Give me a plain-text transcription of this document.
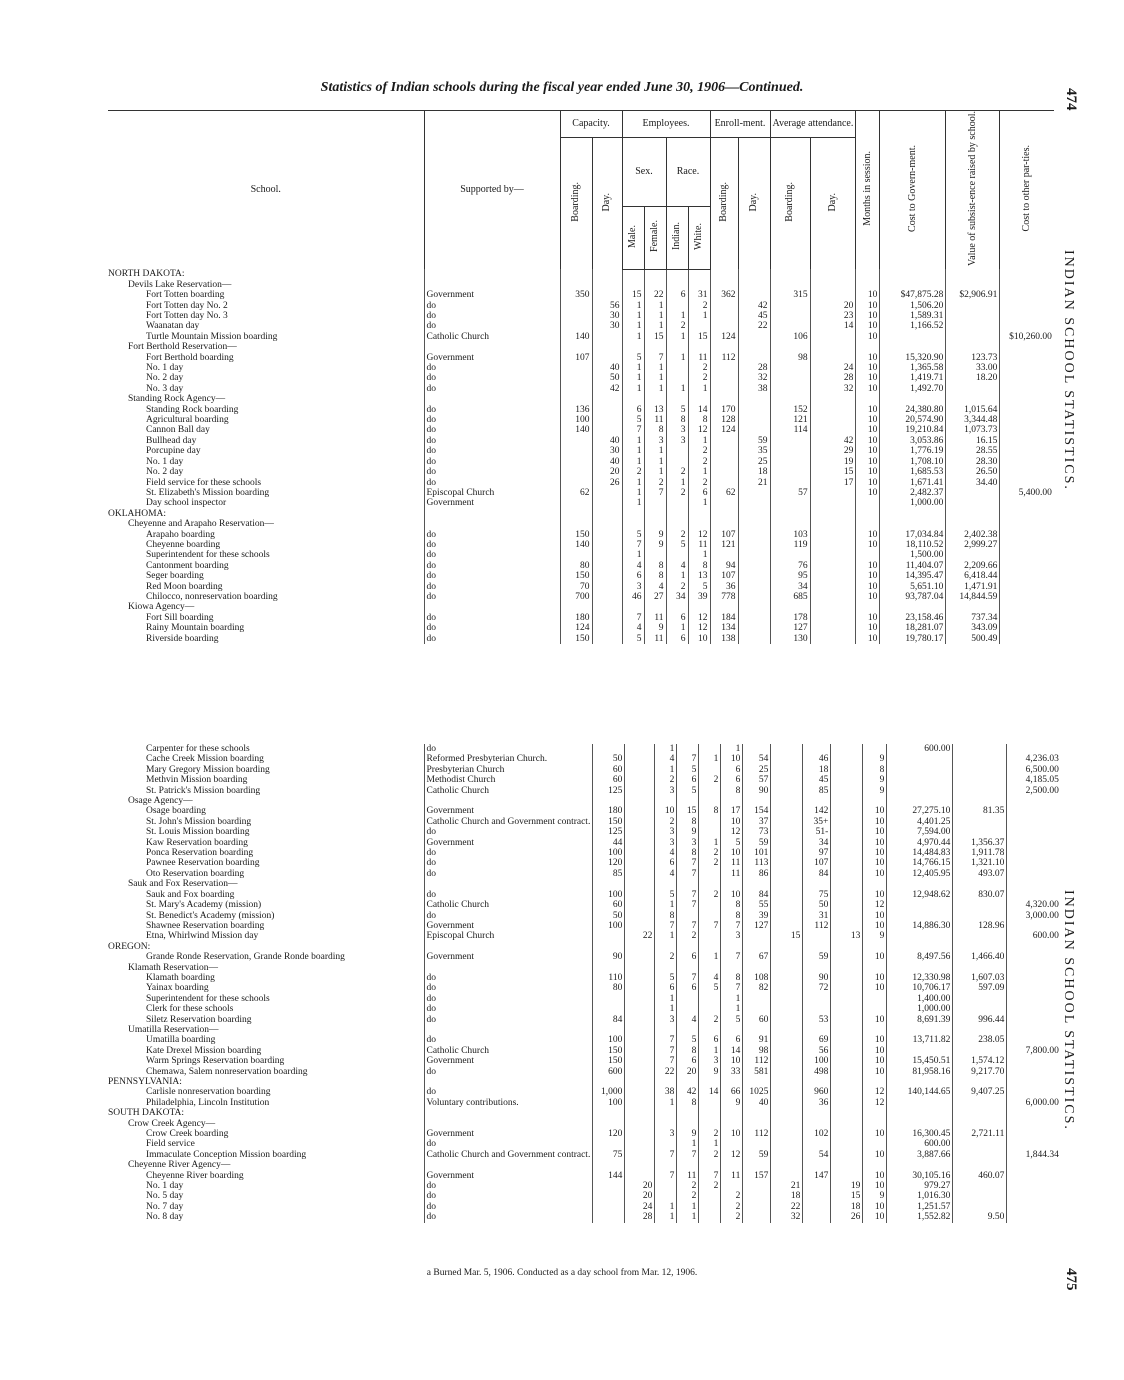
Statistics of Indian schools during the fiscal year ended June 30, 1906—Continued.
474
475
INDIAN SCHOOL STATISTICS.
INDIAN SCHOOL STATISTICS.
School.	Supported by—	Capacity.		Employees.				Enroll-ment.		Average attendance.		Months in session.	Cost to Govern-ment.	Value of subsist-ence raised by school.	Cost to other par-ties.
		Boarding.	Day.	Sex.		Race.		Boarding.	Day.	Boarding.	Day.				
				Male.	Female.	Indian.	White.								
NORTH DAKOTA:															
Devils Lake Reservation—															
Fort Totten boarding	Government	350		15	22	6	31	362		315		10	$47,875.28	$2,906.91	
Fort Totten day No. 2	do		56	1	1		2		42		20	10	1,506.20		
Fort Totten day No. 3	do		30	1	1	1	1		45		23	10	1,589.31		
Waanatan day	do		30	1	1	2			22		14	10	1,166.52		
Turtle Mountain Mission boarding	Catholic Church	140		1	15	1	15	124		106		10			$10,260.00
Fort Berthold Reservation—															
Fort Berthold boarding	Government	107		5	7	1	11	112		98		10	15,320.90	123.73	
No. 1 day	do		40	1	1		2		28		24	10	1,365.58	33.00	
No. 2 day	do		50	1	1		2		32		28	10	1,419.71	18.20	
No. 3 day	do		42	1	1	1	1		38		32	10	1,492.70		
Standing Rock Agency—															
Standing Rock boarding	do	136		6	13	5	14	170		152		10	24,380.80	1,015.64	
Agricultural boarding	do	100		5	11	8	8	128		121		10	20,574.90	3,344.48	
Cannon Ball day	do	140		7	8	3	12	124		114		10	19,210.84	1,073.73	
Bullhead day	do		40	1	3	3	1		59		42	10	3,053.86	16.15	
Porcupine day	do		30	1	1		2		35		29	10	1,776.19	28.55	
No. 1 day	do		40	1	1		2		25		19	10	1,708.10	28.30	
No. 2 day	do		20	2	1	2	1		18		15	10	1,685.53	26.50	
Field service for these schools	do		26	1	2	1	2		21		17	10	1,671.41	34.40	
St. Elizabeth's Mission boarding	Episcopal Church	62		1	7	2	6	62		57		10	2,482.37		5,400.00
Day school inspector	Government			1			1						1,000.00		
OKLAHOMA:															
Cheyenne and Arapaho Reservation—															
Arapaho boarding	do	150		5	9	2	12	107		103		10	17,034.84	2,402.38	
Cheyenne boarding	do	140		7	9	5	11	121		119		10	18,110.52	2,999.27	
Superintendent for these schools	do			1			1						1,500.00		
Cantonment boarding	do	80		4	8	4	8	94		76		10	11,404.07	2,209.66	
Seger boarding	do	150		6	8	1	13	107		95		10	14,395.47	6,418.44	
Red Moon boarding	do	70		3	4	2	5	36		34		10	5,651.10	1,471.91	
Chilocco, nonreservation boarding	do	700		46	27	34	39	778		685		10	93,787.04	14,844.59	
Kiowa Agency—															
Fort Sill boarding	do	180		7	11	6	12	184		178		10	23,158.46	737.34	
Rainy Mountain boarding	do	124		4	9	1	12	134		127		10	18,281.07	343.09	
Riverside boarding	do	150		5	11	6	10	138		130		10	19,780.17	500.49	
Carpenter for these schools	do			1			1						600.00		
Cache Creek Mission boarding	Reformed Presbyterian Church.	50		4	7	1	10	54		46		9			4,236.03
Mary Gregory Mission boarding	Presbyterian Church	60		1	5		6	25		18		8			6,500.00
Methvin Mission boarding	Methodist Church	60		2	6	2	6	57		45		9			4,185.05
St. Patrick's Mission boarding	Catholic Church	125		3	5		8	90		85		9			2,500.00
Osage Agency—															
Osage boarding	Government	180		10	15	8	17	154		142		10	27,275.10	81.35	
St. John's Mission boarding	Catholic Church and Government contract.	150		2	8		10	37		35+		10	4,401.25		
St. Louis Mission boarding	do	125		3	9		12	73		51-		10	7,594.00		
Kaw Reservation boarding	Government	44		3	3	1	5	59		34		10	4,970.44	1,356.37	
Ponca Reservation boarding	do	100		4	8	2	10	101		97		10	14,484.83	1,911.78	
Pawnee Reservation boarding	do	120		6	7	2	11	113		107		10	14,766.15	1,321.10	
Oto Reservation boarding	do	85		4	7		11	86		84		10	12,405.95	493.07	
Sauk and Fox Reservation—															
Sauk and Fox boarding	do	100		5	7	2	10	84		75		10	12,948.62	830.07	
St. Mary's Academy (mission)	Catholic Church	60		1	7		8	55		50		12			4,320.00
St. Benedict's Academy (mission)	do	50		8			8	39		31		10			3,000.00
Shawnee Reservation boarding	Government	100		7	7	7	7	127		112		10	14,886.30	128.96	
Etna, Whirlwind Mission day	Episcopal Church		22	1	2		3		15		13	9			600.00
OREGON:															
Grande Ronde Reservation, Grande Ronde boarding	Government	90		2	6	1	7	67		59		10	8,497.56	1,466.40	
Klamath Reservation—															
Klamath boarding	do	110		5	7	4	8	108		90		10	12,330.98	1,607.03	
Yainax boarding	do	80		6	6	5	7	82		72		10	10,706.17	597.09	
Superintendent for these schools	do			1			1						1,400.00		
Clerk for these schools	do			1			1						1,000.00		
Siletz Reservation boarding	do	84		3	4	2	5	60		53		10	8,691.39	996.44	
Umatilla Reservation—															
Umatilla boarding	do	100		7	5	6	6	91		69		10	13,711.82	238.05	
Kate Drexel Mission boarding	Catholic Church	150		7	8	1	14	98		56		10			7,800.00
Warm Springs Reservation boarding	Government	150		7	6	3	10	112		100		10	15,450.51	1,574.12	
Chemawa, Salem nonreservation boarding	do	600		22	20	9	33	581		498		10	81,958.16	9,217.70	
PENNSYLVANIA:															
Carlisle nonreservation boarding	do	1,000		38	42	14	66	1025		960		12	140,144.65	9,407.25	
Philadelphia, Lincoln Institution	Voluntary contributions.	100		1	8		9	40		36		12			6,000.00
SOUTH DAKOTA:															
Crow Creek Agency—															
Crow Creek boarding	Government	120		3	9	2	10	112		102		10	16,300.45	2,721.11	
Field service	do				1	1							600.00		
Immaculate Conception Mission boarding	Catholic Church and Government contract.	75		7	7	2	12	59		54		10	3,887.66		1,844.34
Cheyenne River Agency—															
Cheyenne River boarding	Government	144		7	11	7	11	157		147		10	30,105.16	460.07	
No. 1 day	do		20		2	2			21		19	10	979.27		
No. 5 day	do		20		2		2		18		15	9	1,016.30		
No. 7 day	do		24	1	1		2		22		18	10	1,251.57		
No. 8 day	do		28	1	1		2		32		26	10	1,552.82	9.50	
a Burned Mar. 5, 1906. Conducted as a day school from Mar. 12, 1906.
